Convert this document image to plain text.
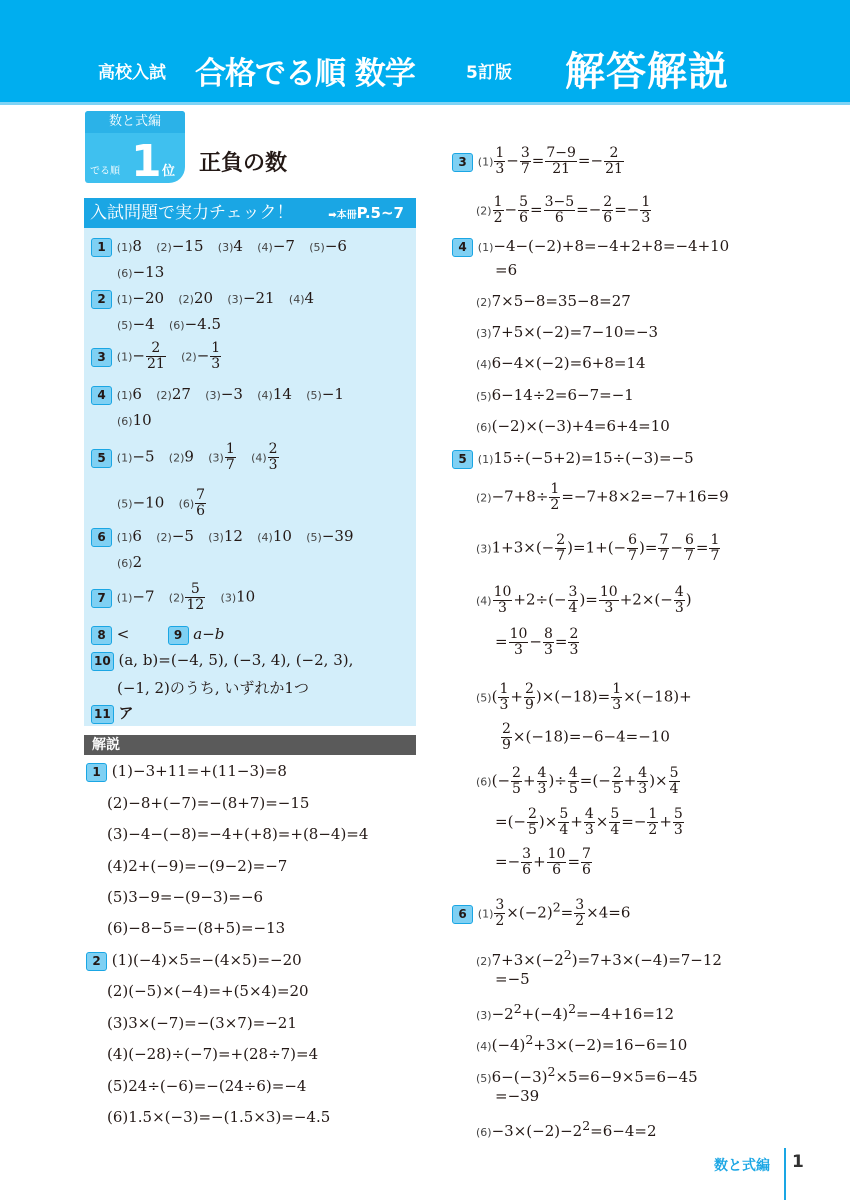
高校入試 合格でる順 数学	5訂版 解答解説
数と式編
でる順 1 位 正負の数
入試問題で実力チェック！	➡本冊P.5~7
1 (1)8   (2)−15   (3)4   (4)−7   (5)−6
(6)−13
2 (1)−20   (2)20   (3)−21   (4)4
(5)−4   (6)−4.5
3 $(1)- \frac{2}{21} (2)- \frac{1}{3}$
4 (1)6   (2)27   (3)−3   (4)14   (5)−1
(6)10
5 (1)−5   (2)9   $(3) \frac{1}{7} (4) \frac{2}{3}$
(5)−10   $(6) \frac{7}{6}$
6 (1)6   (2)−5   (3)12   (4)10   (5)−39
(6)2
7 (1)−7   $(2) \frac{5}{12} (3)10$
8 <	9 a−b
10 (a, b)=(−4, 5), (−3, 4), (−2, 3),
(−1, 2)のうち, いずれか1つ
11 ア
解説
1 (1)−3+11=+(11−3)=8
(2)−8+(−7)=−(8+7)=−15
(3)−4−(−8)=−4+(+8)=+(8−4)=4
(4)2+(−9)=−(9−2)=−7
(5)3−9=−(9−3)=−6
(6)−8−5=−(8+5)=−13
2 (1)(−4)×5=−(4×5)=−20
(2)(−5)×(−4)=+(5×4)=20
(3)3×(−7)=−(3×7)=−21
(4)(−28)÷(−7)=+(28÷7)=4
(5)24÷(−6)=−(24÷6)=−4
(6)1.5×(−3)=−(1.5×3)=−4.5
3 $(1) \frac{1}{3} - \frac{3}{7} = \frac{7-9}{21} =- \frac{2}{21}$
$(2) \frac{1}{2} - \frac{5}{6} = \frac{3-5}{6} =- \frac{2}{6} =- \frac{1}{3}$
4 (1)−4−(−2)+8=−4+2+8=−4+10
=6
(2)7×5−8=35−8=27
(3)7+5×(−2)=7−10=−3
(4)6−4×(−2)=6+8=14
(5)6−14÷2=6−7=−1
(6)(−2)×(−3)+4=6+4=10
5 (1)15÷(−5+2)=15÷(−3)=−5
$(2)-7+8\div \frac{1}{2} =-7+8\times 2=-7+16=9$
$(3)1+3\times(- \frac{2}{7} )=1+(- \frac{6}{7}$ )= $\frac{7}{7} - \frac{6}{7} = \frac{1}{7}$
$(4) \frac{10}{3} +2\div(- \frac{3}{4}$ )= $\frac{10}{3} +2\times(- \frac{4}{3}$ )
= $\frac{10}{3} - \frac{8}{3} = \frac{2}{3}$
$(5)( \frac{1}{3} + \frac{2}{9} )\times(-18)= \frac{1}{3} \times(-18)+$
$\frac{2}{9} \times(-18)=-6-4=-10$
$(6)(- \frac{2}{5} + \frac{4}{3}$ )÷ $\frac{4}{5}$ =(− $\frac{2}{5} + \frac{4}{3}$ )× $\frac{5}{4}$
=(− $\frac{2}{5}$ )× $\frac{5}{4} + \frac{4}{3} \times \frac{5}{4} =- \frac{1}{2} + \frac{5}{3}$
=− $\frac{3}{6} + \frac{10}{6} = \frac{7}{6}$
6 $(1) \frac{3}{2} \times(-2)^2= \frac{3}{2} \times 4=6$
$(2)7+3\times(-2^2)=7+3\times(-4)=7-12$
=−5
$(3)-2^2+(-4)^2=-4+16=12$
$(4)(-4)^2+3\times(-2)=16-6=10$
$(5)6-(-3)^2\times 5=6-9\times 5=6-45$
=−39
$(6)-3\times(-2)-2^2=6-4=2$
数と式編 1
